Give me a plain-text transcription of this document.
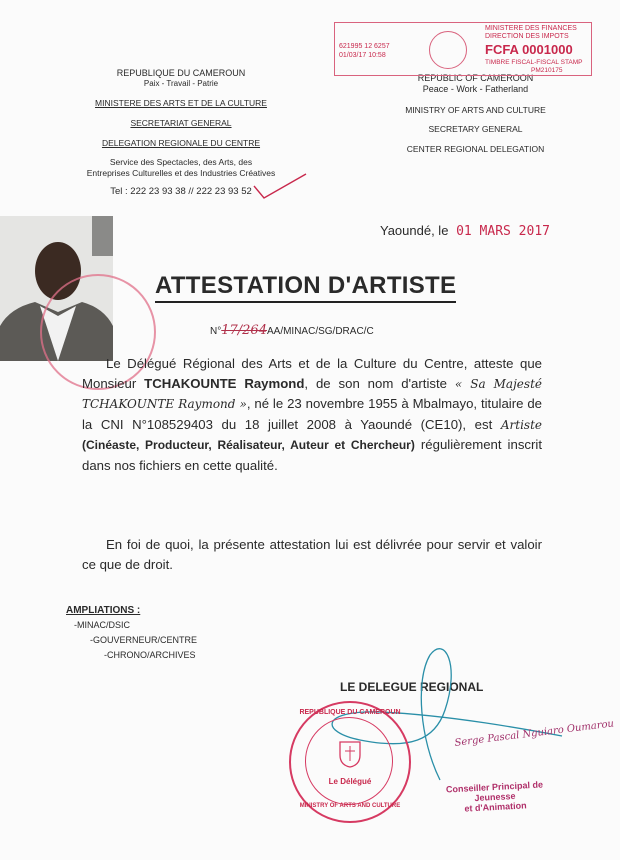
REPUBLIQUE DU CAMEROUN
Paix - Travail - Patrie
MINISTERE DES ARTS ET DE LA CULTURE
SECRETARIAT GENERAL
DELEGATION REGIONALE DU CENTRE
Service des Spectacles, des Arts, des
Entreprises Culturelles et des Industries Créatives
Tel : 222 23 93 38 // 222 23 93 52
REPUBLIC OF CAMEROON
Peace - Work - Fatherland
MINISTRY OF ARTS AND CULTURE
SECRETARY GENERAL
CENTER REGIONAL DELEGATION
621995 12 6257
01/03/17 10:58
MINISTERE DES FINANCES
DIRECTION DES IMPOTS
FCFA 0001000
TIMBRE FISCAL-FISCAL STAMP
PM210175
Yaoundé, le 01 MARS 2017
ATTESTATION D'ARTISTE
N°17/264AA/MINAC/SG/DRAC/C
Le Délégué Régional des Arts et de la Culture du Centre, atteste que Monsieur TCHAKOUNTE Raymond, de son nom d'artiste « Sa Majesté TCHAKOUNTE Raymond », né le 23 novembre 1955 à Mbalmayo, titulaire de la CNI N°108529403 du 18 juillet 2008 à Yaoundé (CE10), est Artiste (Cinéaste, Producteur, Réalisateur, Auteur et Chercheur) régulièrement inscrit dans nos fichiers en cette qualité.
En foi de quoi, la présente attestation lui est délivrée pour servir et valoir ce que de droit.
AMPLIATIONS :
-MINAC/DSIC
-GOUVERNEUR/CENTRE
-CHRONO/ARCHIVES
LE DELEGUE REGIONAL
REPUBLIQUE DU CAMEROUN
Le Délégué
MINISTRY OF ARTS AND CULTURE
Serge Pascal Nguiaro Oumarou
Conseiller Principal de Jeunesse
et d'Animation
